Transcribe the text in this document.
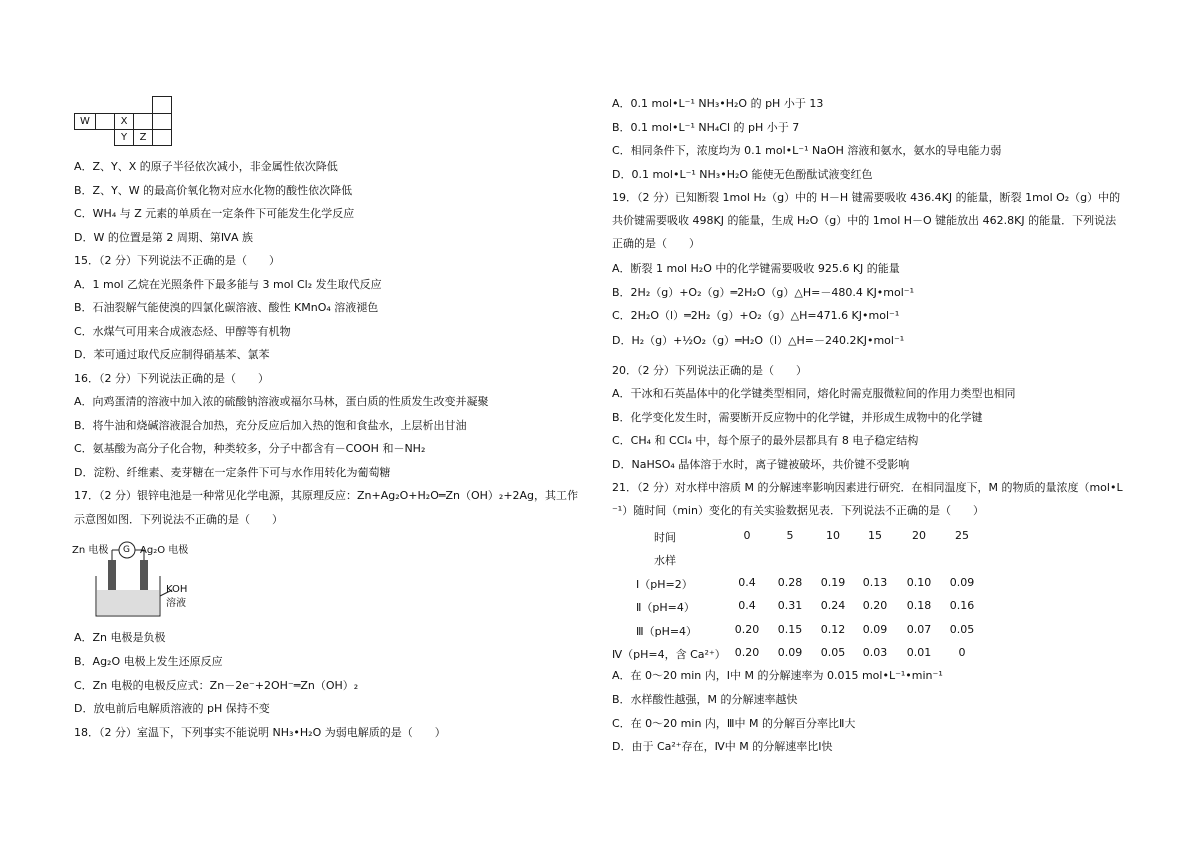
W	X
Y	Z
A．Z、Y、X 的原子半径依次减小，非金属性依次降低
B．Z、Y、W 的最高价氧化物对应水化物的酸性依次降低
C．WH₄ 与 Z 元素的单质在一定条件下可能发生化学反应
D．W 的位置是第 2 周期、第ⅣA 族
15．（2 分）下列说法不正确的是（　　）
A．1 mol 乙烷在光照条件下最多能与 3 mol Cl₂ 发生取代反应
B．石油裂解气能使溴的四氯化碳溶液、酸性 KMnO₄ 溶液褪色
C．水煤气可用来合成液态烃、甲醇等有机物
D．苯可通过取代反应制得硝基苯、氯苯
16．（2 分）下列说法正确的是（　　）
A．向鸡蛋清的溶液中加入浓的硫酸钠溶液或福尔马林，蛋白质的性质发生改变并凝聚
B．将牛油和烧碱溶液混合加热，充分反应后加入热的饱和食盐水，上层析出甘油
C．氨基酸为高分子化合物，种类较多，分子中都含有－COOH 和－NH₂
D．淀粉、纤维素、麦芽糖在一定条件下可与水作用转化为葡萄糖
17．（2 分）银锌电池是一种常见化学电源，其原理反应：Zn+Ag₂O+H₂O═Zn（OH）₂+2Ag，其工作
示意图如图．下列说法不正确的是（　　）
Zn 电极 G Ag₂O 电极
KOH
溶液
A．Zn 电极是负极
B．Ag₂O 电极上发生还原反应
C．Zn 电极的电极反应式：Zn－2e⁻+2OH⁻═Zn（OH）₂
D．放电前后电解质溶液的 pH 保持不变
18．（2 分）室温下，下列事实不能说明 NH₃•H₂O 为弱电解质的是（　　）
A．0.1 mol•L⁻¹ NH₃•H₂O 的 pH 小于 13
B．0.1 mol•L⁻¹ NH₄Cl 的 pH 小于 7
C．相同条件下，浓度均为 0.1 mol•L⁻¹ NaOH 溶液和氨水，氨水的导电能力弱
D．0.1 mol•L⁻¹ NH₃•H₂O 能使无色酚酞试液变红色
19．（2 分）已知断裂 1mol H₂（g）中的 H－H 键需要吸收 436.4KJ 的能量，断裂 1mol O₂（g）中的
共价键需要吸收 498KJ 的能量，生成 H₂O（g）中的 1mol H－O 键能放出 462.8KJ 的能量．下列说法
正确的是（　　）
A．断裂 1 mol H₂O 中的化学键需要吸收 925.6 KJ 的能量
B．2H₂（g）+O₂（g）═2H₂O（g）△H=－480.4 KJ•mol⁻¹
C．2H₂O（l）═2H₂（g）+O₂（g）△H=471.6 KJ•mol⁻¹
D．H₂（g）+½O₂（g）═H₂O（l）△H=－240.2KJ•mol⁻¹
20．（2 分）下列说法正确的是（　　）
A．干冰和石英晶体中的化学键类型相同，熔化时需克服微粒间的作用力类型也相同
B．化学变化发生时，需要断开反应物中的化学键，并形成生成物中的化学键
C．CH₄ 和 CCl₄ 中，每个原子的最外层都具有 8 电子稳定结构
D．NaHSO₄ 晶体溶于水时，离子键被破坏，共价键不受影响
21．（2 分）对水样中溶质 M 的分解速率影响因素进行研究．在相同温度下，M 的物质的量浓度（mol•L
⁻¹）随时间（min）变化的有关实验数据见表．下列说法不正确的是（　　）
时间	0	5	10	15	20	25
水样
Ⅰ（pH=2）	0.4	0.28 0.19 0.13 0.10 0.09
Ⅱ（pH=4）	0.4	0.31 0.24 0.20 0.18 0.16
Ⅲ（pH=4）	0.20 0.15 0.12 0.09 0.07 0.05
Ⅳ（pH=4，含 Ca²⁺） 0.20 0.09 0.05 0.03 0.01	0
A．在 0～20 min 内，Ⅰ中 M 的分解速率为 0.015 mol•L⁻¹•min⁻¹
B．水样酸性越强，M 的分解速率越快
C．在 0～20 min 内，Ⅲ中 M 的分解百分率比Ⅱ大
D．由于 Ca²⁺存在，Ⅳ中 M 的分解速率比Ⅰ快
